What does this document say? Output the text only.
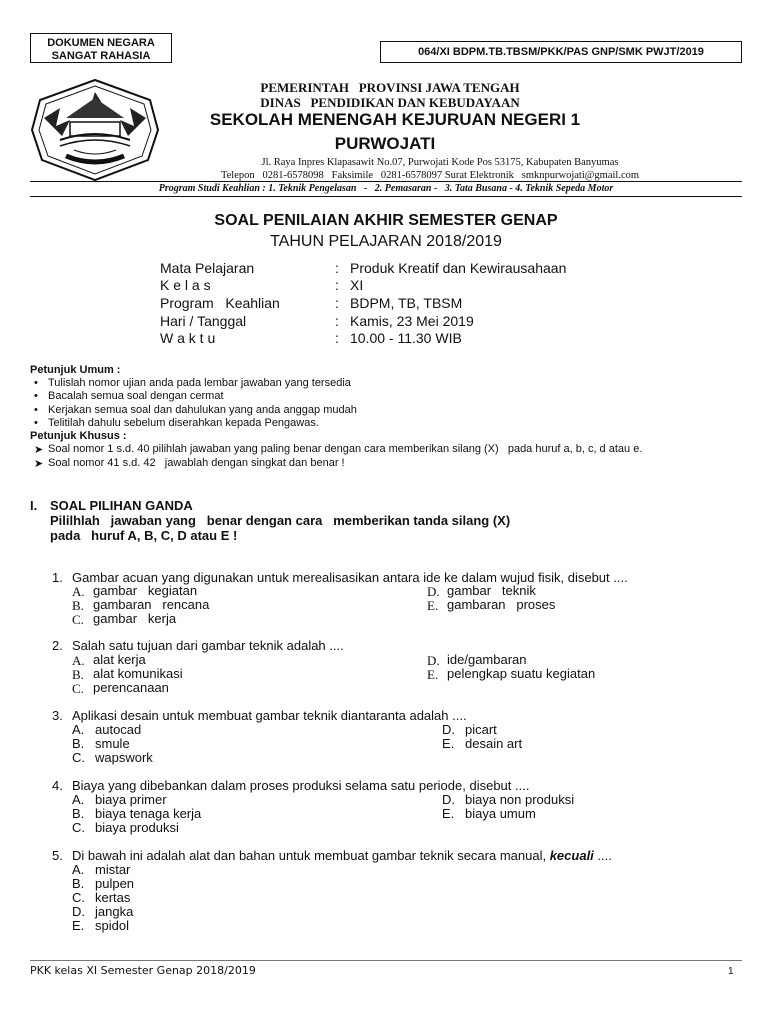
DOKUMEN NEGARA
SANGAT RAHASIA	064/XI BDPM.TB.TBSM/PKK/PAS GNP/SMK PWJT/2019
PEMERINTAH   PROVINSI JAWA TENGAH
DINAS   PENDIDIKAN DAN KEBUDAYAAN
SEKOLAH MENENGAH KEJURUAN NEGERI 1
PURWOJATI
Jl. Raya Inpres Klapasawit No.07, Purwojati Kode Pos 53175, Kabupaten Banyumas
Telepon   0281-6578098   Faksimile   0281-6578097 Surat Elektronik   smknpurwojati@gmail.com
Program Studi Keahlian : 1. Teknik Pengelasan   -   2. Pemasaran -   3. Tata Busana - 4. Teknik Sepeda Motor
SOAL PENILAIAN AKHIR SEMESTER GENAP
TAHUN PELAJARAN 2018/2019
Mata Pelajaran	: Produk Kreatif dan Kewirausahaan
K e l a s	: XI
Program   Keahlian	: BDPM, TB, TBSM
Hari / Tanggal	: Kamis, 23 Mei 2019
W a k t u	: 10.00 - 11.30 WIB
Petunjuk Umum :
• Tulislah nomor ujian anda pada lembar jawaban yang tersedia
• Bacalah semua soal dengan cermat
• Kerjakan semua soal dan dahulukan yang anda anggap mudah
• Telitilah dahulu sebelum diserahkan kepada Pengawas.
Petunjuk Khusus :
➤ Soal nomor 1 s.d. 40 pilihlah jawaban yang paling benar dengan cara memberikan silang (X)   pada huruf a, b, c, d atau e.
➤ Soal nomor 41 s.d. 42   jawablah dengan singkat dan benar !
I. SOAL PILIHAN GANDA
Pililhlah   jawaban yang   benar dengan cara   memberikan tanda silang (X)
pada   huruf A, B, C, D atau E !
1. Gambar acuan yang digunakan untuk merealisasikan antara ide ke dalam wujud fisik, disebut ....
A. gambar   kegiatan
B. gambaran   rencana
C. gambar   kerja
D. gambar   teknik
E. gambaran   proses
2. Salah satu tujuan dari gambar teknik adalah ....
A. alat kerja
B. alat komunikasi
C. perencanaan
D. ide/gambaran
E. pelengkap suatu kegiatan
3. Aplikasi desain untuk membuat gambar teknik diantaranta adalah ....
A. autocad
B. smule
C. wapswork
D. picart
E. desain art
4. Biaya yang dibebankan dalam proses produksi selama satu periode, disebut ....
A. biaya primer
B. biaya tenaga kerja
C. biaya produksi
D. biaya non produksi
E. biaya umum
5. Di bawah ini adalah alat dan bahan untuk membuat gambar teknik secara manual, kecuali ....
A. mistar
B. pulpen
C. kertas
D. jangka
E. spidol
PKK kelas XI Semester Genap 2018/2019	1
